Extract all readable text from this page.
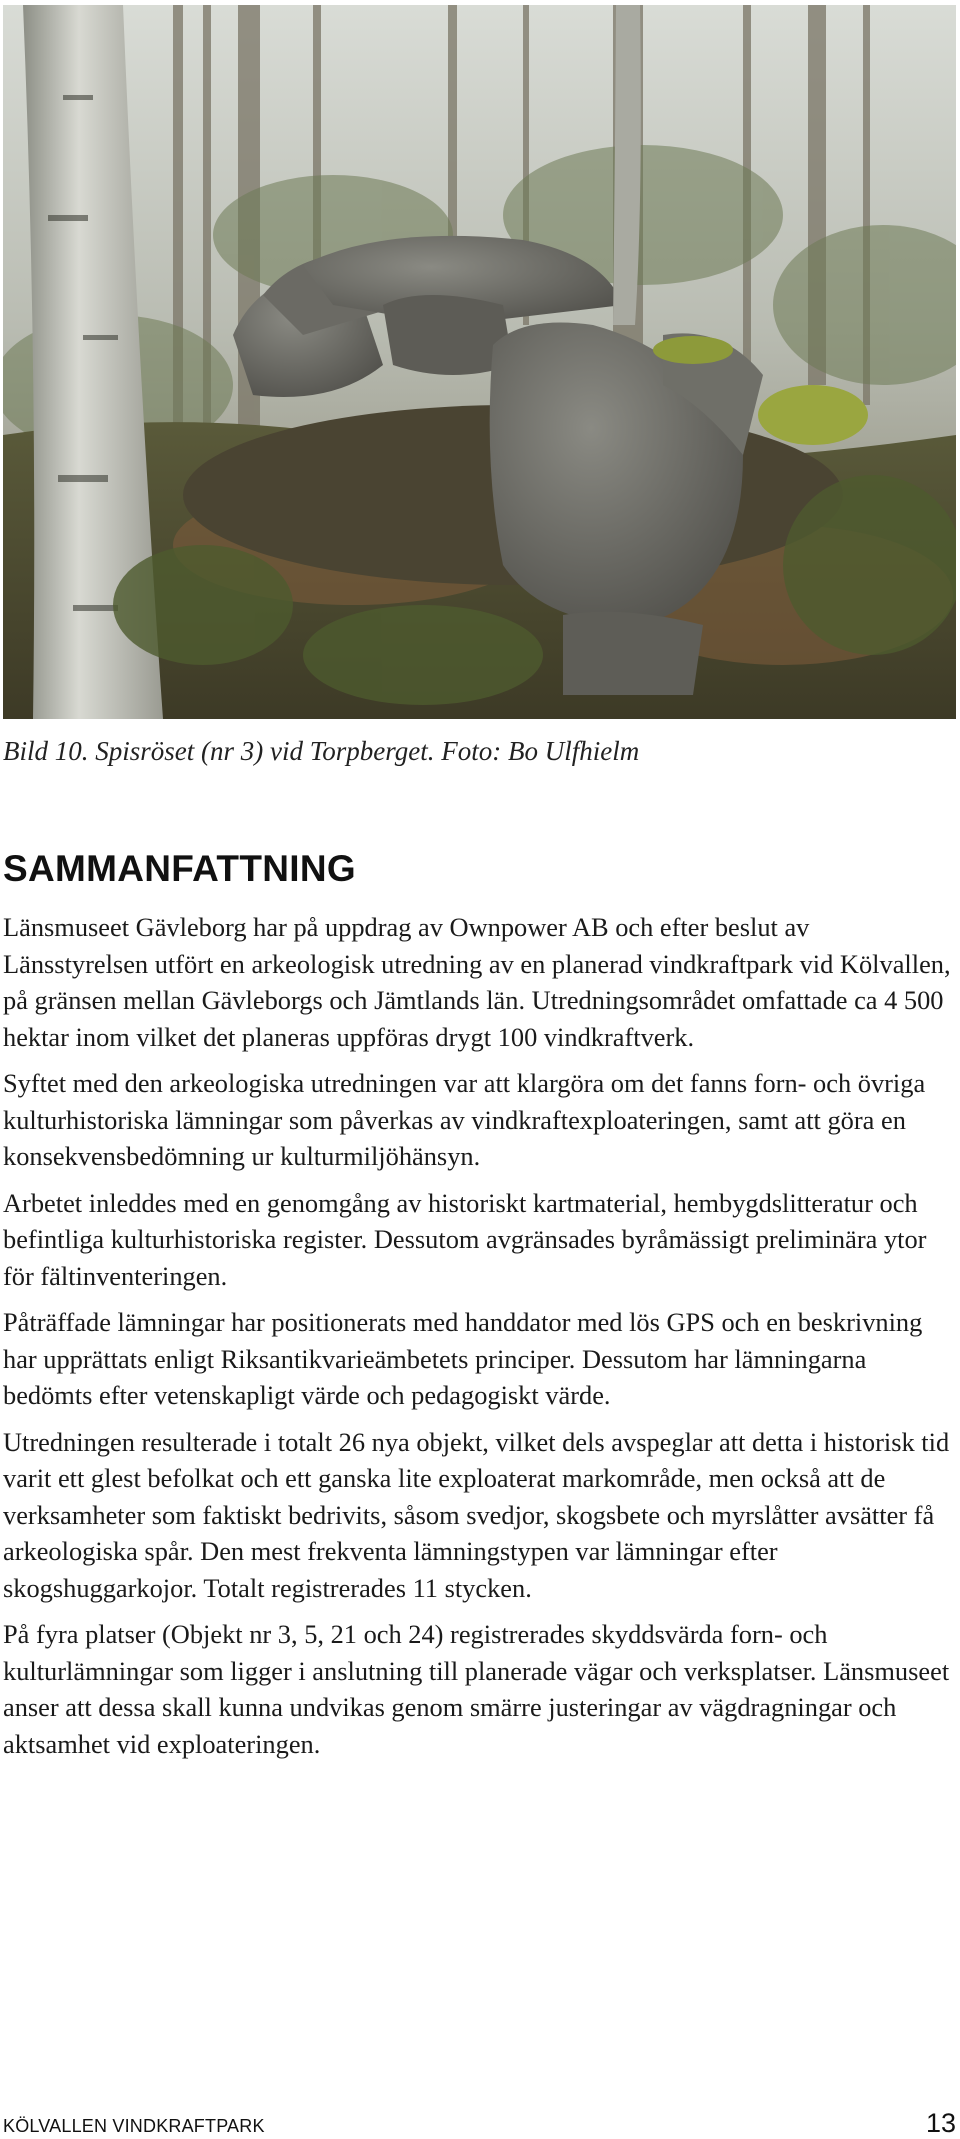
Bild 10. Spisröset (nr 3) vid Torpberget. Foto: Bo Ulfhielm
SAMMANFATTNING

Länsmuseet Gävleborg har på uppdrag av Ownpower AB och efter beslut av Länsstyrelsen utfört en arkeologisk utredning av en planerad vindkraftpark vid Kölvallen, på gränsen mellan Gävleborgs och Jämtlands län. Utredningsområdet omfattade ca 4 500 hektar inom vilket det planeras uppföras drygt 100 vindkraftverk.

Syftet med den arkeologiska utredningen var att klargöra om det fanns forn- och övriga kulturhistoriska lämningar som påverkas av vindkraftexploateringen, samt att göra en konsekvensbedömning ur kulturmiljöhänsyn.

Arbetet inleddes med en genomgång av historiskt kartmaterial, hembygdslitteratur och befintliga kulturhistoriska register. Dessutom avgränsades byråmässigt preliminära ytor för fältinventeringen.

Påträffade lämningar har positionerats med handdator med lös GPS och en beskrivning har upprättats enligt Riksantikvarieämbetets principer. Dessutom har lämningarna bedömts efter vetenskapligt värde och pedagogiskt värde.

Utredningen resulterade i totalt 26 nya objekt, vilket dels avspeglar att detta i historisk tid varit ett glest befolkat och ett ganska lite exploaterat markområde, men också att de verksamheter som faktiskt bedrivits, såsom svedjor, skogsbete och myrslåtter avsätter få arkeologiska spår. Den mest frekventa lämningstypen var lämningar efter skogshuggarkojor. Totalt registrerades 11 stycken.

På fyra platser (Objekt nr 3, 5, 21 och 24) registrerades skyddsvärda forn- och kulturlämningar som ligger i anslutning till planerade vägar och verksplatser. Länsmuseet anser att dessa skall kunna undvikas genom smärre justeringar av vägdragningar och aktsamhet vid exploateringen.

KÖLVALLEN VINDKRAFTPARK	13
